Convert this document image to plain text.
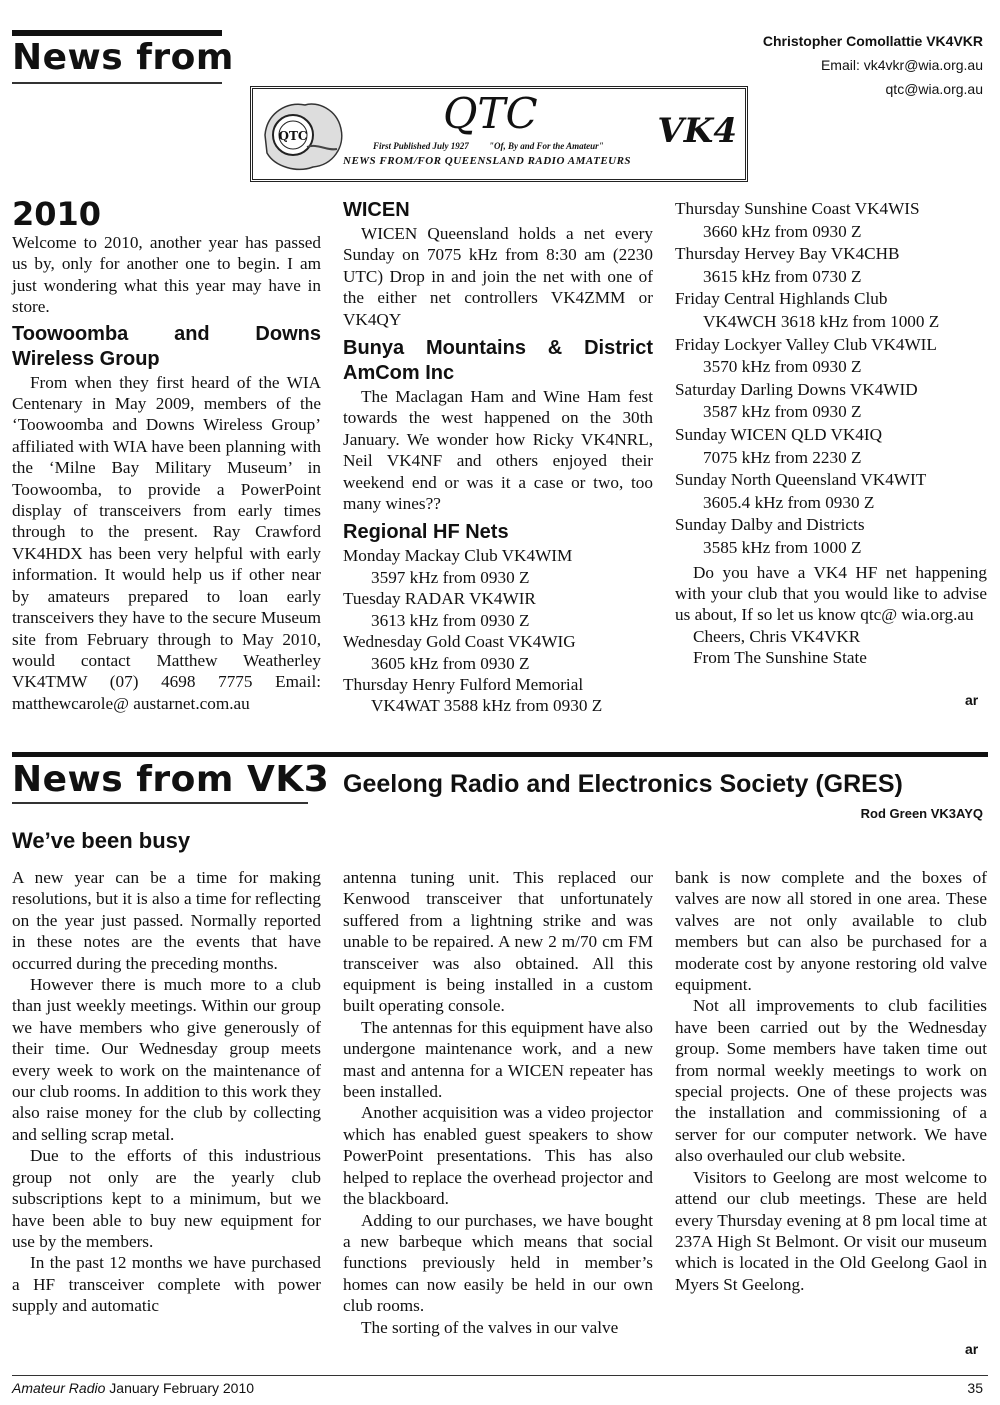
News from	Christopher Comollattie VK4VKR
Email: vk4vkr@wia.org.au
qtc@wia.org.au
QTC	QTC
First Published July 1927 "Of, By and For the Amateur"
NEWS FROM/FOR QUEENSLAND RADIO AMATEURS
VK4
2010

Welcome to 2010, another year has passed us by, only for another one to begin. I am just wondering what this year may have in store.

Toowoomba and Downs Wireless Group

From when they first heard of the WIA Centenary in May 2009, members of the ‘Toowoomba and Downs Wireless Group’ affiliated with WIA have been planning with the ‘Milne Bay Military Museum’ in Toowoomba, to provide a PowerPoint display of transceivers from early times through to the present. Ray Crawford VK4HDX has been very helpful with early information. It would help us if other near by amateurs prepared to loan early transceivers they have to the secure Museum site from February through to May 2010, would contact Matthew Weatherley VK4TMW (07) 4698 7775 Email: matthewcarole@ austarnet.com.au

WICEN

WICEN Queensland holds a net every Sunday on 7075 kHz from 8:30 am (2230 UTC) Drop in and join the net with one of the either net controllers VK4ZMM or VK4QY

Bunya Mountains & District AmCom Inc

The Maclagan Ham and Wine Ham fest towards the west happened on the 30th January. We wonder how Ricky VK4NRL, Neil VK4NF and others enjoyed their weekend end or was it a case or two, too many wines??

Regional HF Nets
Monday Mackay Club VK4WIM
3597 kHz from 0930 Z
Tuesday RADAR VK4WIR
3613 kHz from 0930 Z
Wednesday Gold Coast VK4WIG
3605 kHz from 0930 Z
Thursday Henry Fulford Memorial
VK4WAT 3588 kHz from 0930 Z
Thursday Sunshine Coast VK4WIS
3660 kHz from 0930 Z
Thursday Hervey Bay VK4CHB
3615 kHz from 0730 Z
Friday Central Highlands Club
VK4WCH 3618 kHz from 1000 Z
Friday Lockyer Valley Club VK4WIL
3570 kHz from 0930 Z
Saturday Darling Downs VK4WID
3587 kHz from 0930 Z
Sunday WICEN QLD VK4IQ
7075 kHz from 2230 Z
Sunday North Queensland VK4WIT
3605.4 kHz from 0930 Z
Sunday Dalby and Districts
3585 kHz from 1000 Z

Do you have a VK4 HF net happening with your club that you would like to advise us about, If so let us know qtc@ wia.org.au

Cheers, Chris VK4VKR

From The Sunshine State

ar
News from VK3 Geelong Radio and Electronics Society (GRES)
Rod Green VK3AYQ
We’ve been busy

A new year can be a time for making resolutions, but it is also a time for reflecting on the year just passed. Normally reported in these notes are the events that have occurred during the preceding months.

However there is much more to a club than just weekly meetings. Within our group we have members who give generously of their time. Our Wednesday group meets every week to work on the maintenance of our club rooms. In addition to this work they also raise money for the club by collecting and selling scrap metal.

Due to the efforts of this industrious group not only are the yearly club subscriptions kept to a minimum, but we have been able to buy new equipment for use by the members.

In the past 12 months we have purchased a HF transceiver complete with power supply and automatic

antenna tuning unit. This replaced our Kenwood transceiver that unfortunately suffered from a lightning strike and was unable to be repaired. A new 2 m/70 cm FM transceiver was also obtained. All this equipment is being installed in a custom built operating console.

The antennas for this equipment have also undergone maintenance work, and a new mast and antenna for a WICEN repeater has been installed.

Another acquisition was a video projector which has enabled guest speakers to show PowerPoint presentations. This has also helped to replace the overhead projector and the blackboard.

Adding to our purchases, we have bought a new barbeque which means that social functions previously held in member’s homes can now easily be held in our own club rooms.

The sorting of the valves in our valve

bank is now complete and the boxes of valves are now all stored in one area. These valves are not only available to club members but can also be purchased for a moderate cost by anyone restoring old valve equipment.

Not all improvements to club facilities have been carried out by the Wednesday group. Some members have taken time out from normal weekly meetings to work on special projects. One of these projects was the installation and commissioning of a server for our computer network. We have also overhauled our club website.

Visitors to Geelong are most welcome to attend our club meetings. These are held every Thursday evening at 8 pm local time at 237A High St Belmont. Or visit our museum which is located in the Old Geelong Gaol in Myers St Geelong.

ar
Amateur Radio January February 2010	35
